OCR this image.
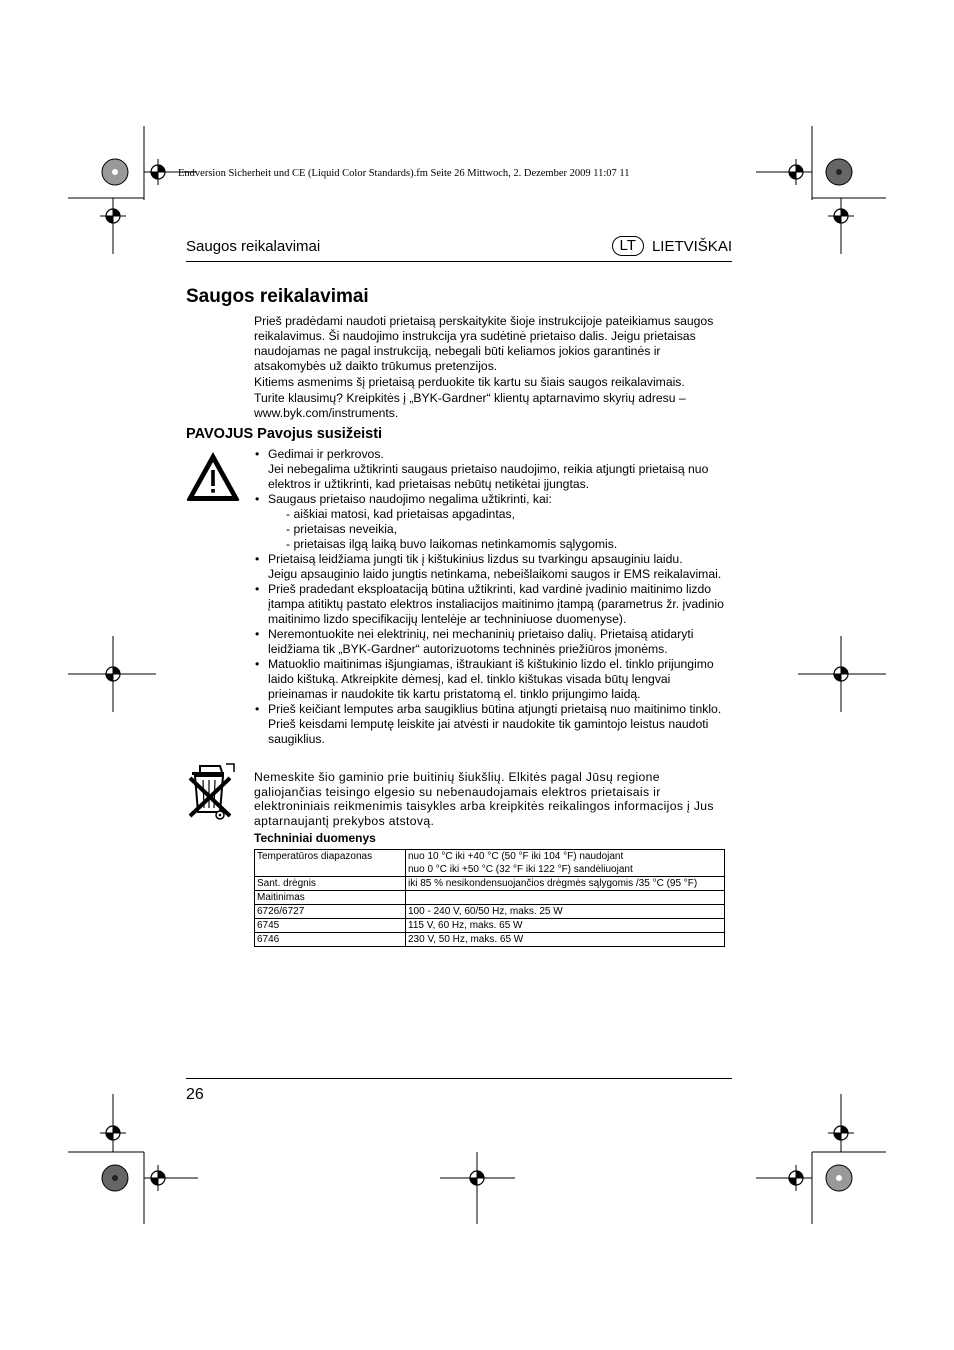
Endversion Sicherheit und CE (Liquid Color Standards).fm Seite 26 Mittwoch, 2. Dezember 2009 11:07 11
Saugos reikalavimai	LT	LIETVIŠKAI
Saugos reikalavimai

Prieš pradėdami naudoti prietaisą perskaitykite šioje instrukcijoje pateikiamus saugos reikalavimus. Ši naudojimo instrukcija yra sudėtinė prietaiso dalis. Jeigu prietaisas naudojamas ne pagal instrukciją, nebegali būti keliamos jokios garantinės ir atsakomybės už daikto trūkumus pretenzijos.

Kitiems asmenims šį prietaisą perduokite tik kartu su šiais saugos reikalavimais.

Turite klausimų? Kreipkitės į „BYK-Gardner“ klientų aptarnavimo skyrių adresu – www.byk.com/instruments.

PAVOJUS Pavojus susižeisti
• Gedimai ir perkrovos.
Jei nebegalima užtikrinti saugaus prietaiso naudojimo, reikia atjungti prietaisą nuo elektros ir užtikrinti, kad prietaisas nebūtų netikėtai įjungtas.
• Saugaus prietaiso naudojimo negalima užtikrinti, kai:
- aiškiai matosi, kad prietaisas apgadintas,
- prietaisas neveikia,
- prietaisas ilgą laiką buvo laikomas netinkamomis sąlygomis.
• Prietaisą leidžiama jungti tik į kištukinius lizdus su tvarkingu apsauginiu laidu.
Jeigu apsauginio laido jungtis netinkama, nebeišlaikomi saugos ir EMS reikalavimai.
• Prieš pradedant eksploataciją būtina užtikrinti, kad vardinė įvadinio maitinimo lizdo įtampa atitiktų pastato elektros instaliacijos maitinimo įtampą (parametrus žr. įvadinio maitinimo lizdo specifikacijų lentelėje ar techniniuose duomenyse).
• Neremontuokite nei elektrinių, nei mechaninių prietaiso dalių. Prietaisą atidaryti leidžiama tik „BYK-Gardner“ autorizuotoms techninės priežiūros įmonėms.
• Matuoklio maitinimas išjungiamas, ištraukiant iš kištukinio lizdo el. tinklo prijungimo laido kištuką. Atkreipkite dėmesį, kad el. tinklo kištukas visada būtų lengvai prieinamas ir naudokite tik kartu pristatomą el. tinklo prijungimo laidą.
• Prieš keičiant lemputes arba saugiklius būtina atjungti prietaisą nuo maitinimo tinklo. Prieš keisdami lemputę leiskite jai atvėsti ir naudokite tik gamintojo leistus naudoti saugiklius.
Nemeskite šio gaminio prie buitinių šiukšlių. Elkitės pagal Jūsų regione galiojančias teisingo elgesio su nebenaudojamais elektros prietaisais ir elektroniniais reikmenimis taisykles arba kreipkitės reikalingos informacijos į Jus aptarnaujantį prekybos atstovą.
Techniniai duomenys
Temperatūros diapazonas	nuo 10 °C iki +40 °C (50 °F iki 104 °F) naudojant
nuo 0 °C iki +50 °C (32 °F iki 122 °F) sandėliuojant

Sant. drėgnis	iki 85 % nesikondensuojančios drėgmės sąlygomis /35 °C (95 °F)
Maitinimas	
6726/6727	100 - 240 V, 60/50 Hz, maks. 25 W
6745	115 V, 60 Hz, maks. 65 W
6746	230 V, 50 Hz, maks. 65 W
26
